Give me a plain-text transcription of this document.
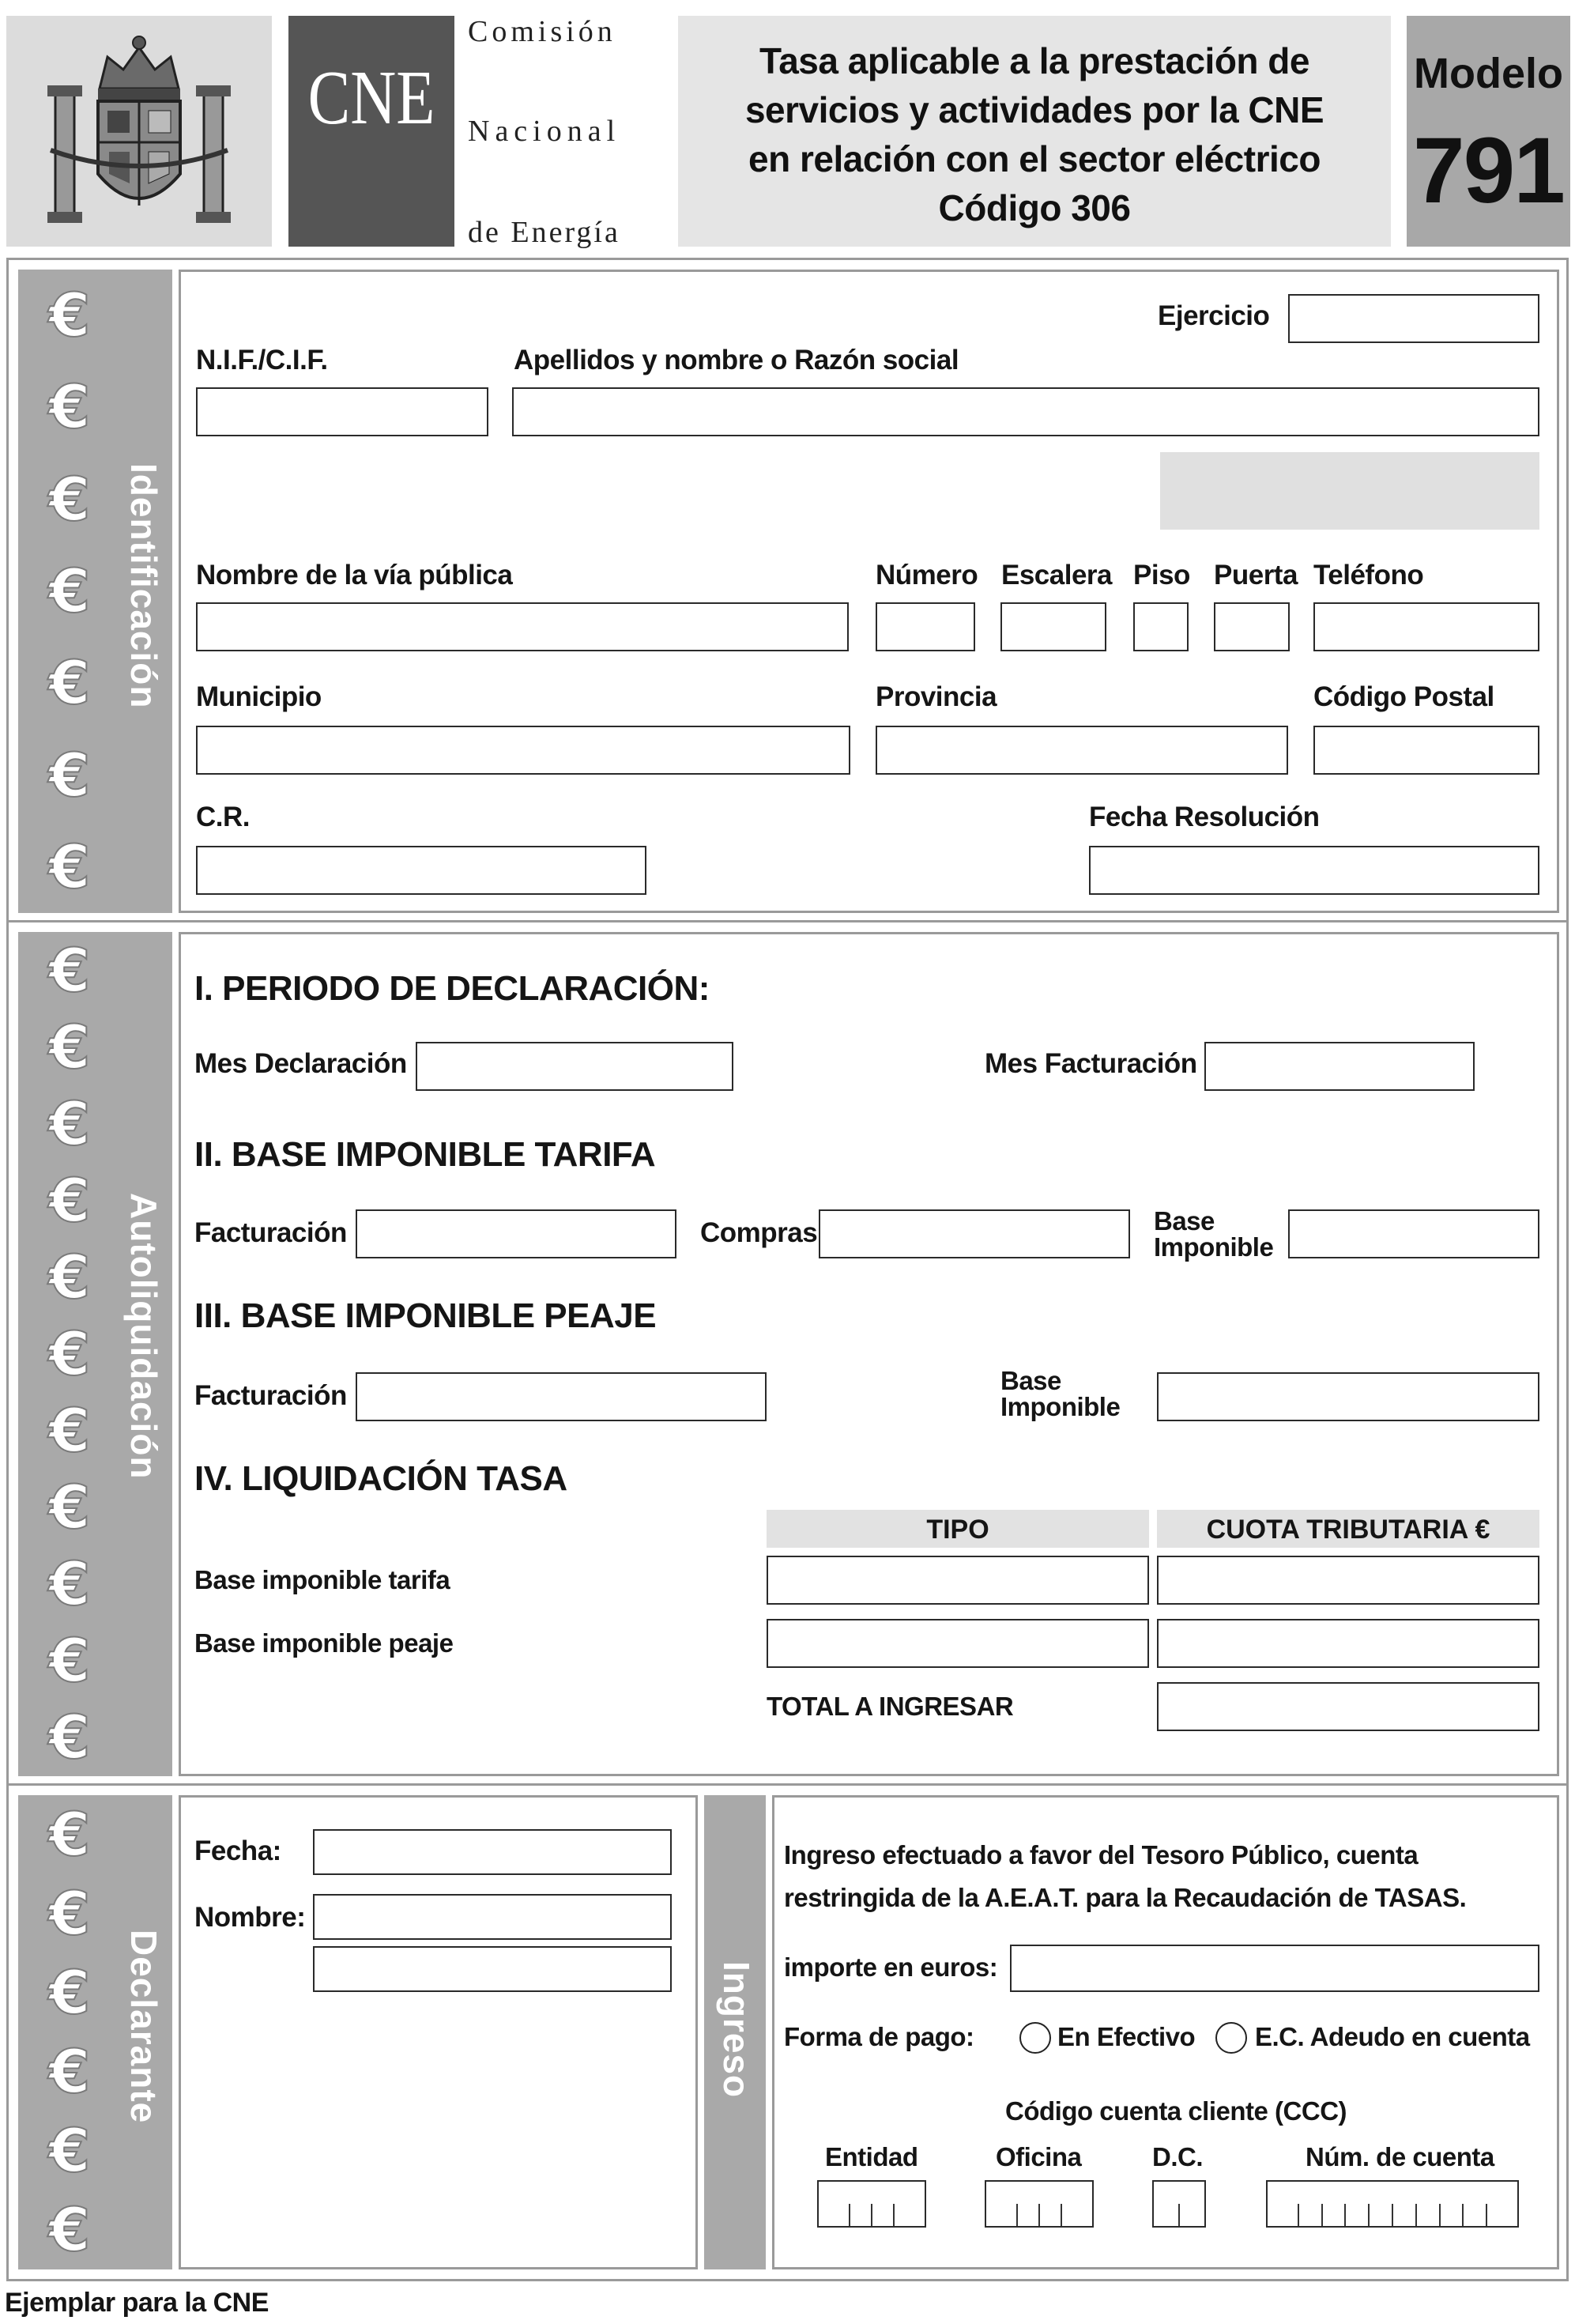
CNE
Comisión
Nacional
de Energía
Tasa aplicable a la prestación de
servicios y actividades por la CNE
en relación con el sector eléctrico
Código 306
Modelo
791
€
€
€
€
€
€
€
Identificación
Ejercicio
N.I.F./C.I.F.	Apellidos y nombre o Razón social
Nombre de la vía pública	Número Escalera Piso Puerta Teléfono
Municipio	Provincia	Código Postal
C.R.	Fecha Resolución
€
€
€
€
€
€
€
€
€
€
€
Autoliquidación
I. PERIODO DE DECLARACIÓN:
Mes Declaración	Mes Facturación
II. BASE IMPONIBLE TARIFA
Facturación	Compras	Base
Imponible
III. BASE IMPONIBLE PEAJE
Facturación	Base
Imponible
IV. LIQUIDACIÓN TASA
TIPO	CUOTA TRIBUTARIA €
Base imponible tarifa
Base imponible peaje
TOTAL A INGRESAR
€
€
€
€
€
€
Declarante	Ingreso
Fecha:
Nombre:
Ingreso efectuado a favor del Tesoro Público, cuenta
restringida de la A.E.A.T. para la Recaudación de TASAS.
importe en euros:
Forma de pago:	En Efectivo E.C. Adeudo en cuenta
Código cuenta cliente (CCC)
Entidad	Oficina	D.C.	Núm. de cuenta
Ejemplar para la CNE
